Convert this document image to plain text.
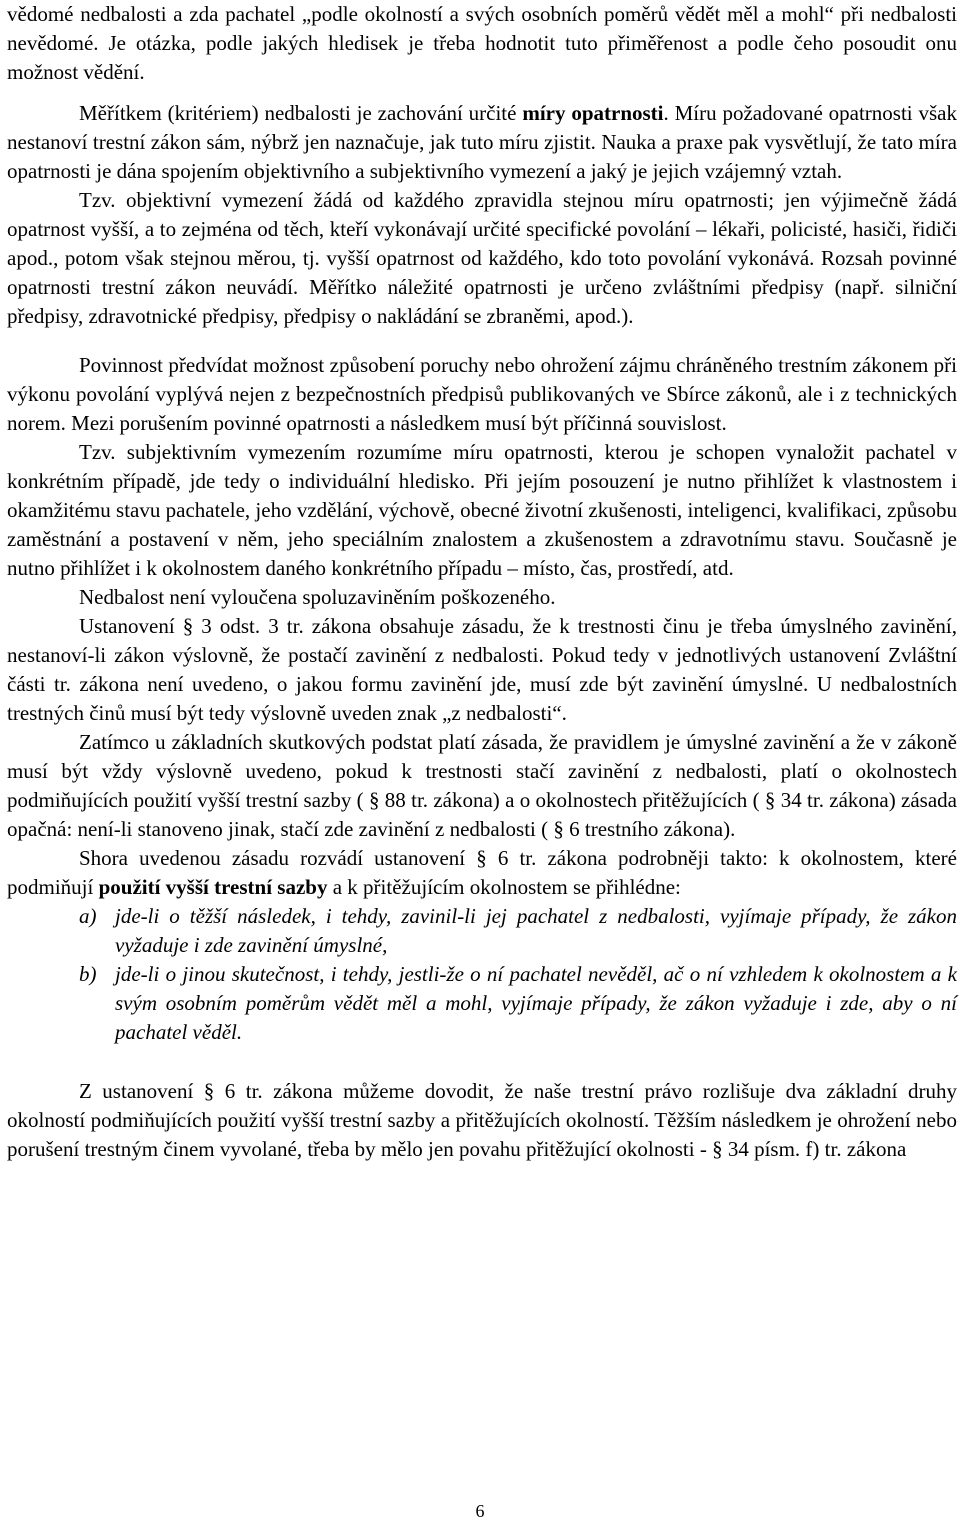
vědomé nedbalosti a zda pachatel „podle okolností a svých osobních poměrů vědět měl a mohl“ při nedbalosti nevědomé. Je otázka, podle jakých hledisek je třeba hodnotit tuto přiměřenost a podle čeho posoudit onu možnost vědění.

Měřítkem (kritériem) nedbalosti je zachování určité míry opatrnosti. Míru požadované opatrnosti však nestanoví trestní zákon sám, nýbrž jen naznačuje, jak tuto míru zjistit. Nauka a praxe pak vysvětlují, že tato míra opatrnosti je dána spojením objektivního a subjektivního vymezení a jaký je jejich vzájemný vztah.

Tzv. objektivní vymezení žádá od každého zpravidla stejnou míru opatrnosti; jen výjimečně žádá opatrnost vyšší, a to zejména od těch, kteří vykonávají určité specifické povolání – lékaři, policisté, hasiči, řidiči apod., potom však stejnou měrou, tj. vyšší opatrnost od každého, kdo toto povolání vykonává. Rozsah povinné opatrnosti trestní zákon neuvádí. Měřítko náležité opatrnosti je určeno zvláštními předpisy (např. silniční předpisy, zdravotnické předpisy, předpisy o nakládání se zbraněmi, apod.).

Povinnost předvídat možnost způsobení poruchy nebo ohrožení zájmu chráněného trestním zákonem při výkonu povolání vyplývá nejen z bezpečnostních předpisů publikovaných ve Sbírce zákonů, ale i z technických norem. Mezi porušením povinné opatrnosti a následkem musí být příčinná souvislost.

Tzv. subjektivním vymezením rozumíme míru opatrnosti, kterou je schopen vynaložit pachatel v konkrétním případě, jde tedy o individuální hledisko. Při jejím posouzení je nutno přihlížet k vlastnostem i okamžitému stavu pachatele, jeho vzdělání, výchově, obecné životní zkušenosti, inteligenci, kvalifikaci, způsobu zaměstnání a postavení v něm, jeho speciálním znalostem a zkušenostem a zdravotnímu stavu. Současně je nutno přihlížet i k okolnostem daného konkrétního případu – místo, čas, prostředí, atd.

Nedbalost není vyloučena spoluzaviněním poškozeného.

Ustanovení § 3 odst. 3 tr. zákona obsahuje zásadu, že k trestnosti činu je třeba úmyslného zavinění, nestanoví-li zákon výslovně, že postačí zavinění z nedbalosti. Pokud tedy v jednotlivých ustanovení Zvláštní části tr. zákona není uvedeno, o jakou formu zavinění jde, musí zde být zavinění úmyslné. U nedbalostních trestných činů musí být tedy výslovně uveden znak „z nedbalosti“.

Zatímco u základních skutkových podstat platí zásada, že pravidlem je úmyslné zavinění a že v zákoně musí být vždy výslovně uvedeno, pokud k trestnosti stačí zavinění z nedbalosti, platí o okolnostech podmiňujících použití vyšší trestní sazby ( § 88 tr. zákona) a o okolnostech přitěžujících ( § 34 tr. zákona) zásada opačná: není-li stanoveno jinak, stačí zde zavinění z nedbalosti ( § 6 trestního zákona).

Shora uvedenou zásadu rozvádí ustanovení § 6 tr. zákona podrobněji takto: k okolnostem, které podmiňují použití vyšší trestní sazby a k přitěžujícím okolnostem se přihlédne:

a) jde-li o těžší následek, i tehdy, zavinil-li jej pachatel z nedbalosti, vyjímaje případy, že zákon vyžaduje i zde zavinění úmyslné,
b) jde-li o jinou skutečnost, i tehdy, jestli-že o ní pachatel nevěděl, ač o ní vzhledem k okolnostem a k svým osobním poměrům vědět měl a mohl, vyjímaje případy, že zákon vyžaduje i zde, aby o ní pachatel věděl.

Z ustanovení § 6 tr. zákona můžeme dovodit, že naše trestní právo rozlišuje dva základní druhy okolností podmiňujících použití vyšší trestní sazby a přitěžujících okolností. Těžším následkem je ohrožení nebo porušení trestným činem vyvolané, třeba by mělo jen povahu přitěžující okolnosti - § 34 písm. f) tr. zákona

6
